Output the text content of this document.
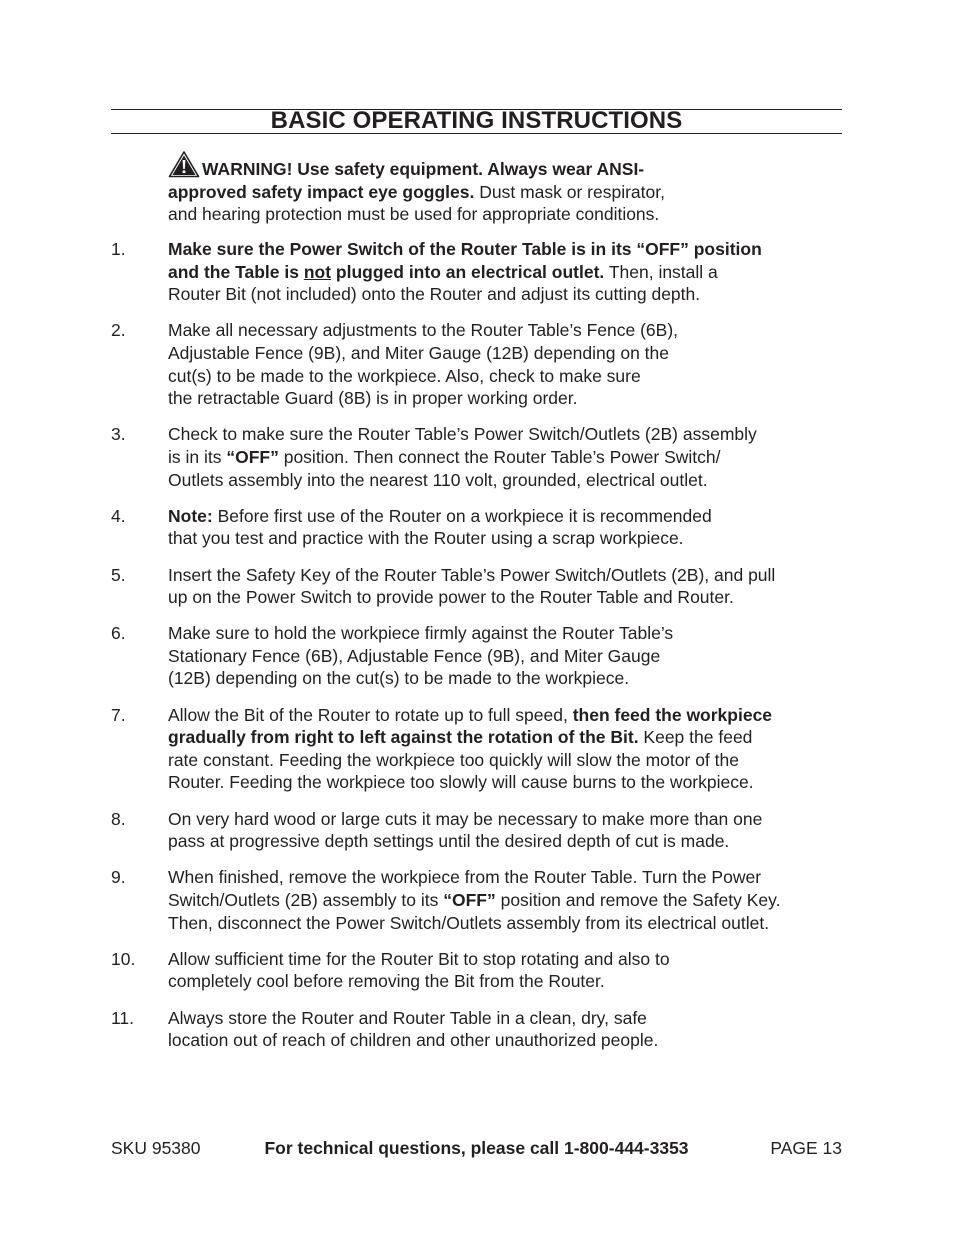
BASIC OPERATING INSTRUCTIONS
WARNING! Use safety equipment. Always wear ANSI-
approved safety impact eye goggles. Dust mask or respirator,
and hearing protection must be used for appropriate conditions.
1. Make sure the Power Switch of the Router Table is in its “OFF” position
and the Table is not plugged into an electrical outlet. Then, install a
Router Bit (not included) onto the Router and adjust its cutting depth.
2. Make all necessary adjustments to the Router Table’s Fence (6B),
Adjustable Fence (9B), and Miter Gauge (12B) depending on the
cut(s) to be made to the workpiece. Also, check to make sure
the retractable Guard (8B) is in proper working order.
3. Check to make sure the Router Table’s Power Switch/Outlets (2B) assembly
is in its “OFF” position. Then connect the Router Table’s Power Switch/
Outlets assembly into the nearest 110 volt, grounded, electrical outlet.
4. Note: Before first use of the Router on a workpiece it is recommended
that you test and practice with the Router using a scrap workpiece.
5. Insert the Safety Key of the Router Table’s Power Switch/Outlets (2B), and pull
up on the Power Switch to provide power to the Router Table and Router.
6. Make sure to hold the workpiece firmly against the Router Table’s
Stationary Fence (6B), Adjustable Fence (9B), and Miter Gauge
(12B) depending on the cut(s) to be made to the workpiece.
7. Allow the Bit of the Router to rotate up to full speed, then feed the workpiece
gradually from right to left against the rotation of the Bit. Keep the feed
rate constant. Feeding the workpiece too quickly will slow the motor of the
Router. Feeding the workpiece too slowly will cause burns to the workpiece.
8. On very hard wood or large cuts it may be necessary to make more than one
pass at progressive depth settings until the desired depth of cut is made.
9. When finished, remove the workpiece from the Router Table. Turn the Power
Switch/Outlets (2B) assembly to its “OFF” position and remove the Safety Key.
Then, disconnect the Power Switch/Outlets assembly from its electrical outlet.
10. Allow sufficient time for the Router Bit to stop rotating and also to
completely cool before removing the Bit from the Router.
11. Always store the Router and Router Table in a clean, dry, safe
location out of reach of children and other unauthorized people.
SKU 95380	For technical questions, please call 1-800-444-3353	PAGE 13
